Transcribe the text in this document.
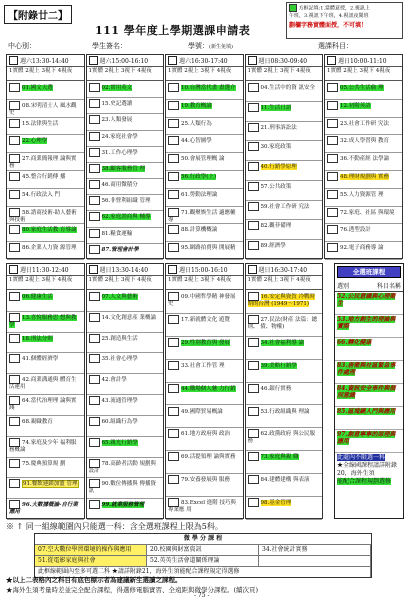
【附錄廿二】
方框記填:1.當體意授，2.視訊上
午班，3.視訊下午班，4.視訊夜間班
劃欄字務實體面授，不可填！
111 學年度上學期選課申請表
中心別：	學生簽名：	學號：(新生免填)	選課科目：
週六13:30-14:40
1實體 2視上 3視下 4視夜
01.國文天選
08.宋明清士人 風水觀史
15.法律與生活
22.心理學
27.商業簡報理 論與實務
45.整合行銷傳 播
54.行政法入 門
58.諮商技術-助人藝術與技術
80.家庭生活教 育導論
86.企業人力資 源管理
週六15:00-16:10
1實體 2視上 3視下 4視夜
02.實用英文
15.史記選讀
23.人類發展
24.家庭社會學
31.工作心理學
38.顧客服務管 理
46.商用微積分
56.非營利組織 管理
62.家庭諮商與 輔導
81.糧食運輸
87.管理會計學
週六16:30-17:40
1實體 2視上 3視下 4視夜
10.台灣當代畫 畫選介
19.教育概論
25.人類行為
44.心智圖學
50.會展管理概 論
56.行政學(上)
61.勞動法理論
71.觀聚娛生活 適應輔導
88.計算機概論
95.網路拍賣與 開展精
週日08:30-09:40
1實體 2視上 3視下 4視夜
04.生活中的資 訊安全
11.生活日語
21.刑事訴訟法
30.家庭政策
40.行銷學原理
57.公共政策
59.社會工作研 究法
82.觀菲備理
89.經濟學
週日10:00-11:10
1實體 2視上 3視下 4視夜
05.公共生活倫 理
12.初階英語
23.社會工作研 究法
32.成人學習與 教育
36.不動產經 法學論
48.理財規劃與 實務
55.人力資源管 理
72.家庭、社區 與環境
76.透型設計
92.電子商務導 論
週日11:30-12:40
1實體 2視上 3視下 4視夜
06.健康生活
13.喜悅服務思 想與教學
18.刑法分則
41.個體經濟學
42.商業溝通與 體育生活運用
64.當代治理理 論與實踐
68.親職教育
74.家庭及少年 福利服務概論
75.慶典預算規 劃
91.餐飲連鎖加盟 管理
96.大數據概論-自行業應用
週日13:30-14:40
1實體 2視上 3視下 4視夜
07.人文與藝術
14.文化創意產 業概論
25.創造與生活
35.社會心理學
42.會計學
43.流通管理學
60.組織行為學
65.親光行銷學
78.高齡者活動 規劃與設計
90.數位傳播與 傳播資訊
99.就業服務管理
週日15:00-16:10
1實體 2視上 3視下 4視夜
09.中國哲學精 神發展史
17.新就體文化 遊覽
29.性別教育與 發展
33.社會工作管 理
44.購場個人魅 力行銷
49.國際貿易概論
61.地方政府與 政治
69.活提領理 論與實務
79.安養發展與 服務
83.Excel 進階 技巧與專業應 用
週日16:30-17:40
1實體 2視上 3視下 4視夜
16.安定與資賀 冷戰時期的台灣 (1949～1971)
27.民法(財產 法篇：總則、 債、物權)
34.社會福利導 論
39.美略行銷學
46.銀行實務
53.行政組織與 理論
62.政黨政府 與公民服務
73.家庭與親 職
84.建體建構 與表演
98.基金管理
全選班課程
選別	科目名稱
52.公民意識與心理衛生
53.地方創生的理論與實際
66.轉化健康
83.唐衛與社區緊急事件處理
84.資訊安全事件與個別意識
85.區塊鏈人門與應用
97.創意寧寧的原理與應用
此處內不限選一科
★全線國課程請詳附錄20，海外生須
能配合課程規劃選修
※ ↑ 同一組線範圍內只能選一科：含全選班課程上限為5科。
微 學 分 課 程
07.空大數位學習環境的操作與應用	20.校園與財富資訊	34.社會統計實務
51.從電影家庭與社會	52.英英生活會道關係理論
此框線範圍內至多可選二科 ★請詳附錄21，海外生須能配合課程規定得選修
★以上二表格內之科目有底色標示者為建議新生選讀之課程。
★海外生須考量時差並完全配合課程，得選修電腦實習、全遠距與微學分課程。(續次頁)
- 75 -
